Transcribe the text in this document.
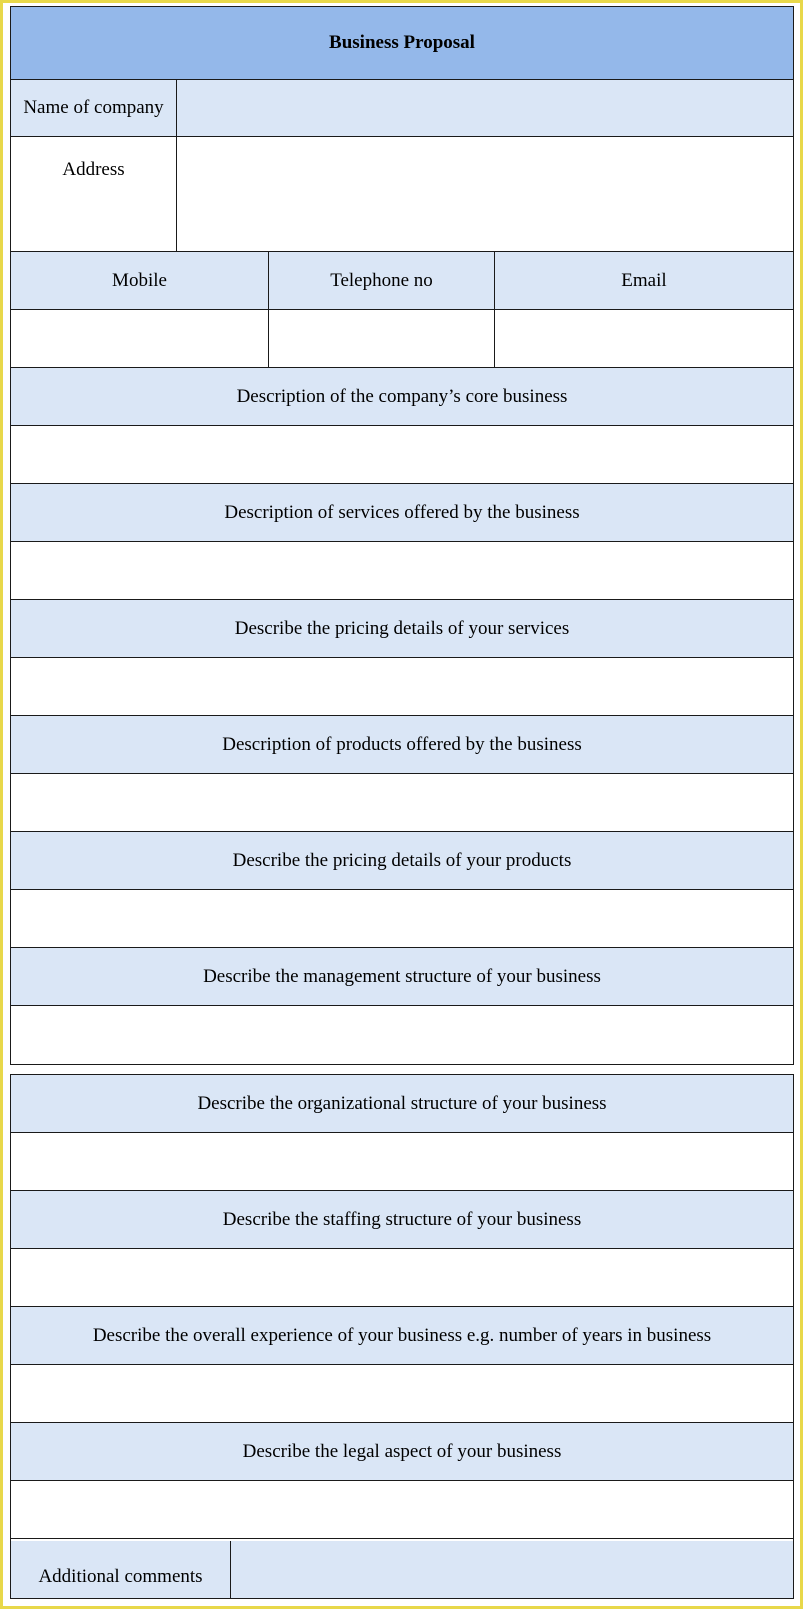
Business Proposal
Name of company
Address
Mobile	Telephone no	Email
Description of the company’s core business
Description of services offered by the business
Describe the pricing details of your services
Description of products offered by the business
Describe the pricing details of your products
Describe the management structure of your business
Describe the organizational structure of your business
Describe the staffing structure of your business
Describe the overall experience of your business e.g. number of years in business
Describe the legal aspect of your business
Additional comments
